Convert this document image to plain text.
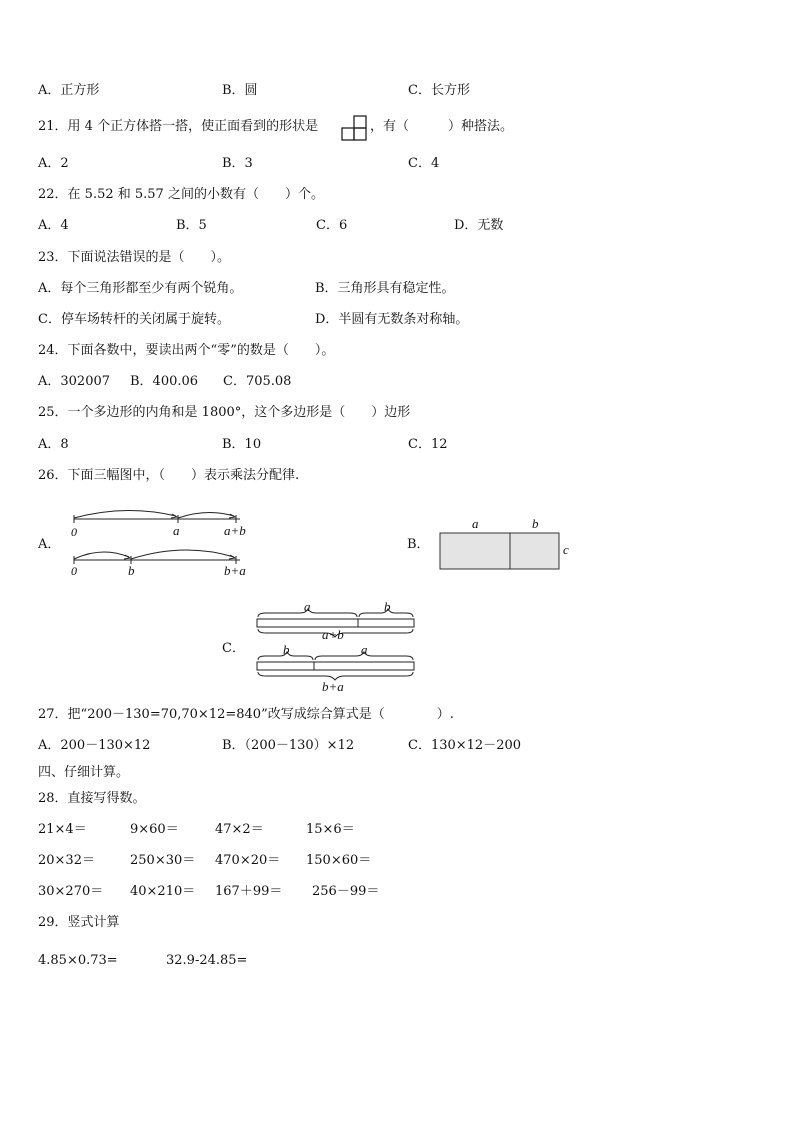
A．正方形	B．圆	C．长方形
21．用 4 个正方体搭一搭，使正面看到的形状是	，有（　　　）种搭法。
A．2	B．3	C．4
22．在 5.52 和 5.57 之间的小数有（　　）个。
A．4	B．5	C．6	D．无数
23．下面说法错误的是（　　）。
A．每个三角形都至少有两个锐角。	B．三角形具有稳定性。
C．停车场转杆的关闭属于旋转。	D．半圆有无数条对称轴。
24．下面各数中，要读出两个“零”的数是（　　）。
A．302007 B．400.06 C．705.08
25．一个多边形的内角和是 1800°，这个多边形是（　　）边形
A．8	B．10	C．12
26．下面三幅图中，（　　）表示乘法分配律.
A．	B．
C．
0	a	a+b
0	b	b+a
a	b
c
a	b
a+b
b	a
b+a
27．把“200－130=70,70×12=840”改写成综合算式是（　　　　）.
A．200－130×12	B．（200－130）×12	C．130×12－200
四、仔细计算。
28．直接写得数。
21×4＝	9×60＝	47×2＝	15×6＝
20×32＝	250×30＝ 470×20＝ 150×60＝
30×270＝ 40×210＝ 167＋99＝ 256－99＝
29．竖式计算
4.85×0.73=	32.9-24.85=
